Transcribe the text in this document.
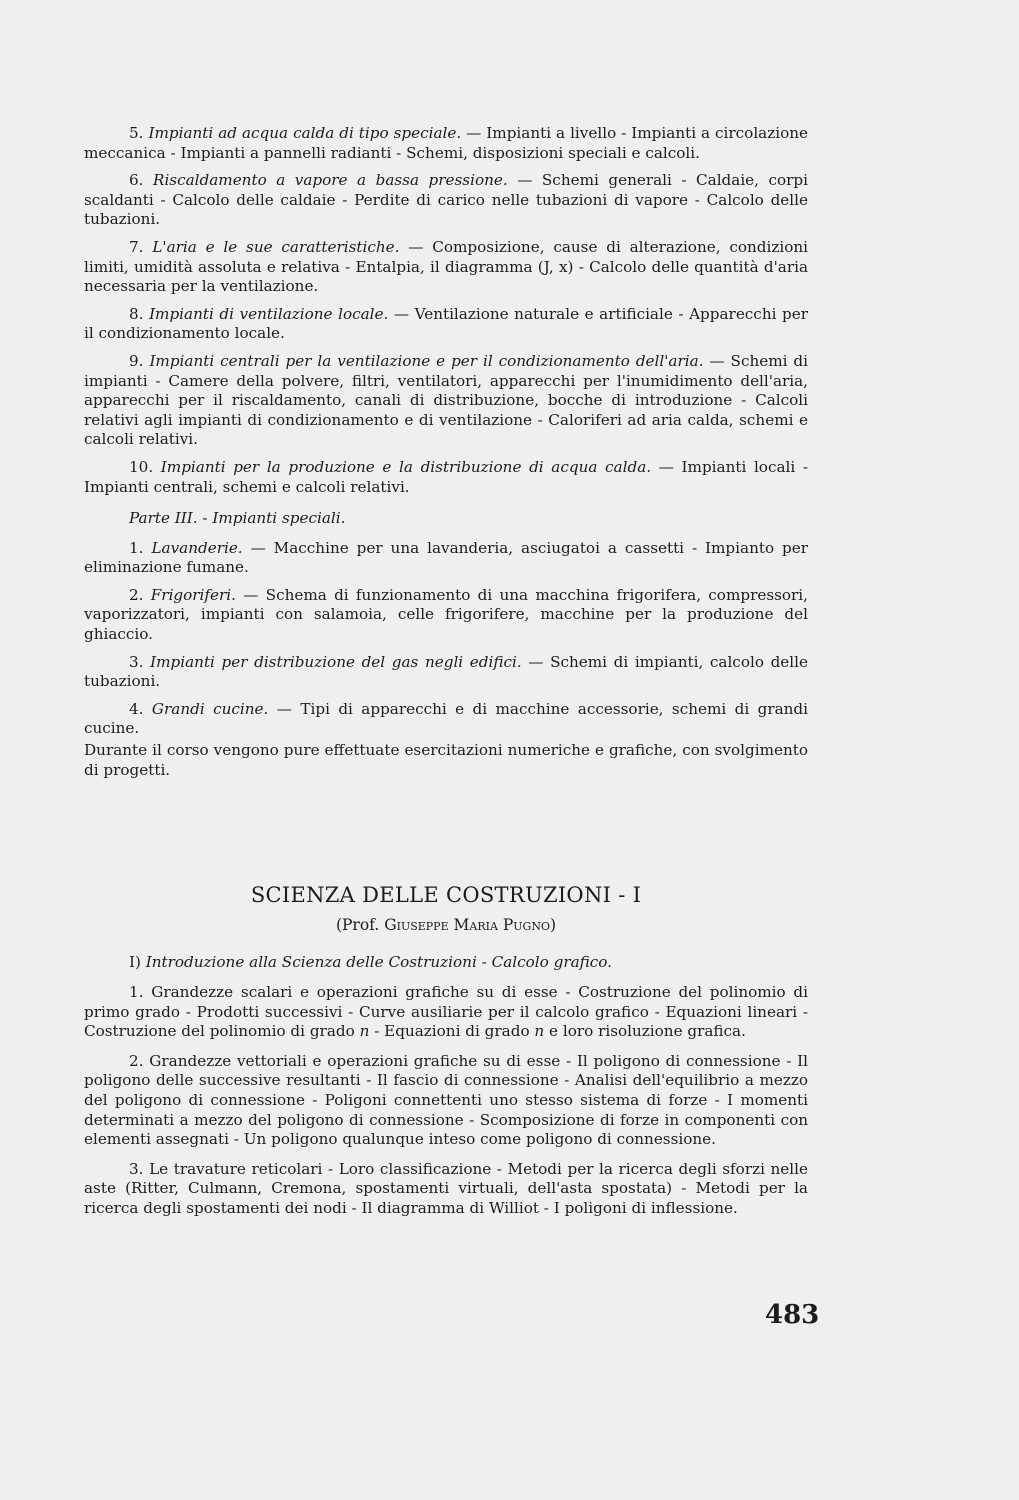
5. Impianti ad acqua calda di tipo speciale. — Impianti a livello - Impianti a circolazione meccanica - Impianti a pannelli radianti - Schemi, disposizioni speciali e calcoli.

6. Riscaldamento a vapore a bassa pressione. — Schemi generali - Caldaie, corpi scaldanti - Calcolo delle caldaie - Perdite di carico nelle tubazioni di vapore - Calcolo delle tubazioni.

7. L'aria e le sue caratteristiche. — Composizione, cause di alterazione, condizioni limiti, umidità assoluta e relativa - Entalpia, il diagramma (J, x) - Calcolo delle quantità d'aria necessaria per la ventilazione.

8. Impianti di ventilazione locale. — Ventilazione naturale e artificiale - Apparecchi per il condizionamento locale.

9. Impianti centrali per la ventilazione e per il condizionamento dell'aria. — Schemi di impianti - Camere della polvere, filtri, ventilatori, apparecchi per l'inumidimento dell'aria, apparecchi per il riscaldamento, canali di distribuzione, bocche di introduzione - Calcoli relativi agli impianti di condizionamento e di ventilazione - Caloriferi ad aria calda, schemi e calcoli relativi.

10. Impianti per la produzione e la distribuzione di acqua calda. — Impianti locali - Impianti centrali, schemi e calcoli relativi.

Parte III. - Impianti speciali.

1. Lavanderie. — Macchine per una lavanderia, asciugatoi a cassetti - Impianto per eliminazione fumane.

2. Frigoriferi. — Schema di funzionamento di una macchina frigorifera, compressori, vaporizzatori, impianti con salamoia, celle frigorifere, macchine per la produzione del ghiaccio.

3. Impianti per distribuzione del gas negli edifici. — Schemi di impianti, calcolo delle tubazioni.

4. Grandi cucine. — Tipi di apparecchi e di macchine accessorie, schemi di grandi cucine.

Durante il corso vengono pure effettuate esercitazioni numeriche e grafiche, con svolgimento di progetti.

SCIENZA DELLE COSTRUZIONI - I
(Prof. Giuseppe Maria Pugno)

I) Introduzione alla Scienza delle Costruzioni - Calcolo grafico.

1. Grandezze scalari e operazioni grafiche su di esse - Costruzione del polinomio di primo grado - Prodotti successivi - Curve ausiliarie per il calcolo grafico - Equazioni lineari - Costruzione del polinomio di grado n - Equazioni di grado n e loro risoluzione grafica.

2. Grandezze vettoriali e operazioni grafiche su di esse - Il poligono di connessione - Il poligono delle successive resultanti - Il fascio di connessione - Analisi dell'equilibrio a mezzo del poligono di connessione - Poligoni connettenti uno stesso sistema di forze - I momenti determinati a mezzo del poligono di connessione - Scomposizione di forze in componenti con elementi assegnati - Un poligono qualunque inteso come poligono di connessione.

3. Le travature reticolari - Loro classificazione - Metodi per la ricerca degli sforzi nelle aste (Ritter, Culmann, Cremona, spostamenti virtuali, dell'asta spostata) - Metodi per la ricerca degli spostamenti dei nodi - Il diagramma di Williot - I poligoni di inflessione.

483
